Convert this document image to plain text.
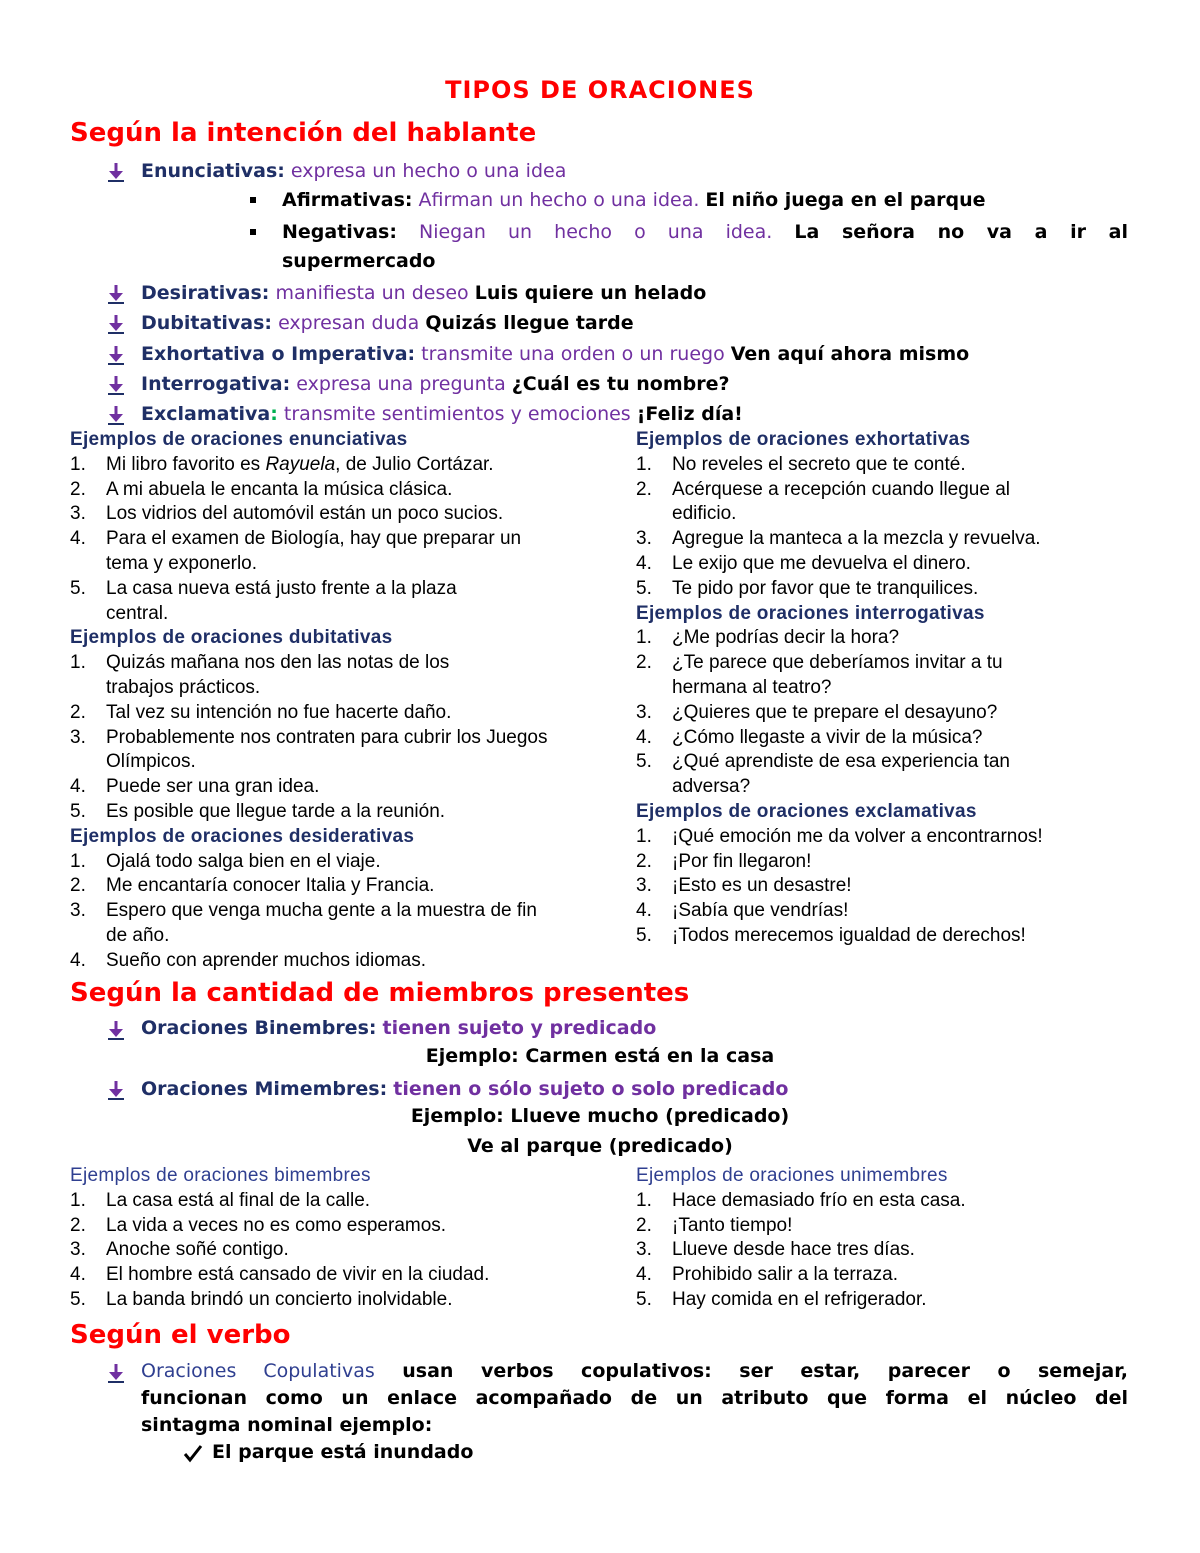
TIPOS DE ORACIONES
Según la intención del hablante
Enunciativas: expresa un hecho o una idea
Afirmativas: Afirman un hecho o una idea. El niño juega en el parque
Negativas: Niegan un hecho o una idea. La señora no va a ir al
supermercado
Desirativas: manifiesta un deseo Luis quiere un helado
Dubitativas: expresan duda Quizás llegue tarde
Exhortativa o Imperativa: transmite una orden o un ruego Ven aquí ahora mismo
Interrogativa: expresa una pregunta ¿Cuál es tu nombre?
Exclamativa: transmite sentimientos y emociones ¡Feliz día!
Ejemplos de oraciones enunciativas
1.	Mi libro favorito es Rayuela, de Julio Cortázar.
2.	A mi abuela le encanta la música clásica.
3.	Los vidrios del automóvil están un poco sucios.
4.	Para el examen de Biología, hay que preparar un tema y exponerlo.
5.	La casa nueva está justo frente a la plaza central.
Ejemplos de oraciones dubitativas
1.	Quizás mañana nos den las notas de los trabajos prácticos.
2.	Tal vez su intención no fue hacerte daño.
3.	Probablemente nos contraten para cubrir los Juegos Olímpicos.
4.	Puede ser una gran idea.
5.	Es posible que llegue tarde a la reunión.
Ejemplos de oraciones desiderativas
1.	Ojalá todo salga bien en el viaje.
2.	Me encantaría conocer Italia y Francia.
3.	Espero que venga mucha gente a la muestra de fin de año.
4.	Sueño con aprender muchos idiomas.
Ejemplos de oraciones exhortativas
1.	No reveles el secreto que te conté.
2.	Acérquese a recepción cuando llegue al edificio.
3.	Agregue la manteca a la mezcla y revuelva.
4.	Le exijo que me devuelva el dinero.
5.	Te pido por favor que te tranquilices.
Ejemplos de oraciones interrogativas
1.	¿Me podrías decir la hora?
2.	¿Te parece que deberíamos invitar a tu hermana al teatro?
3.	¿Quieres que te prepare el desayuno?
4.	¿Cómo llegaste a vivir de la música?
5.	¿Qué aprendiste de esa experiencia tan adversa?
Ejemplos de oraciones exclamativas
1.	¡Qué emoción me da volver a encontrarnos!
2.	¡Por fin llegaron!
3.	¡Esto es un desastre!
4.	¡Sabía que vendrías!
5.	¡Todos merecemos igualdad de derechos!
Según la cantidad de miembros presentes
Oraciones Binembres: tienen sujeto y predicado
Ejemplo: Carmen está en la casa
Oraciones Mimembres: tienen o sólo sujeto o solo predicado
Ejemplo: Llueve mucho (predicado)
Ve al parque (predicado)
Ejemplos de oraciones bimembres
1.	La casa está al final de la calle.
2.	La vida a veces no es como esperamos.
3.	Anoche soñé contigo.
4.	El hombre está cansado de vivir en la ciudad.
5.	La banda brindó un concierto inolvidable.
Ejemplos de oraciones unimembres
1.	Hace demasiado frío en esta casa.
2.	¡Tanto tiempo!
3.	Llueve desde hace tres días.
4.	Prohibido salir a la terraza.
5.	Hay comida en el refrigerador.
Según el verbo
Oraciones Copulativas usan verbos copulativos: ser estar, parecer o semejar,
funcionan como un enlace acompañado de un atributo que forma el núcleo del
sintagma nominal ejemplo:
El parque está inundado
